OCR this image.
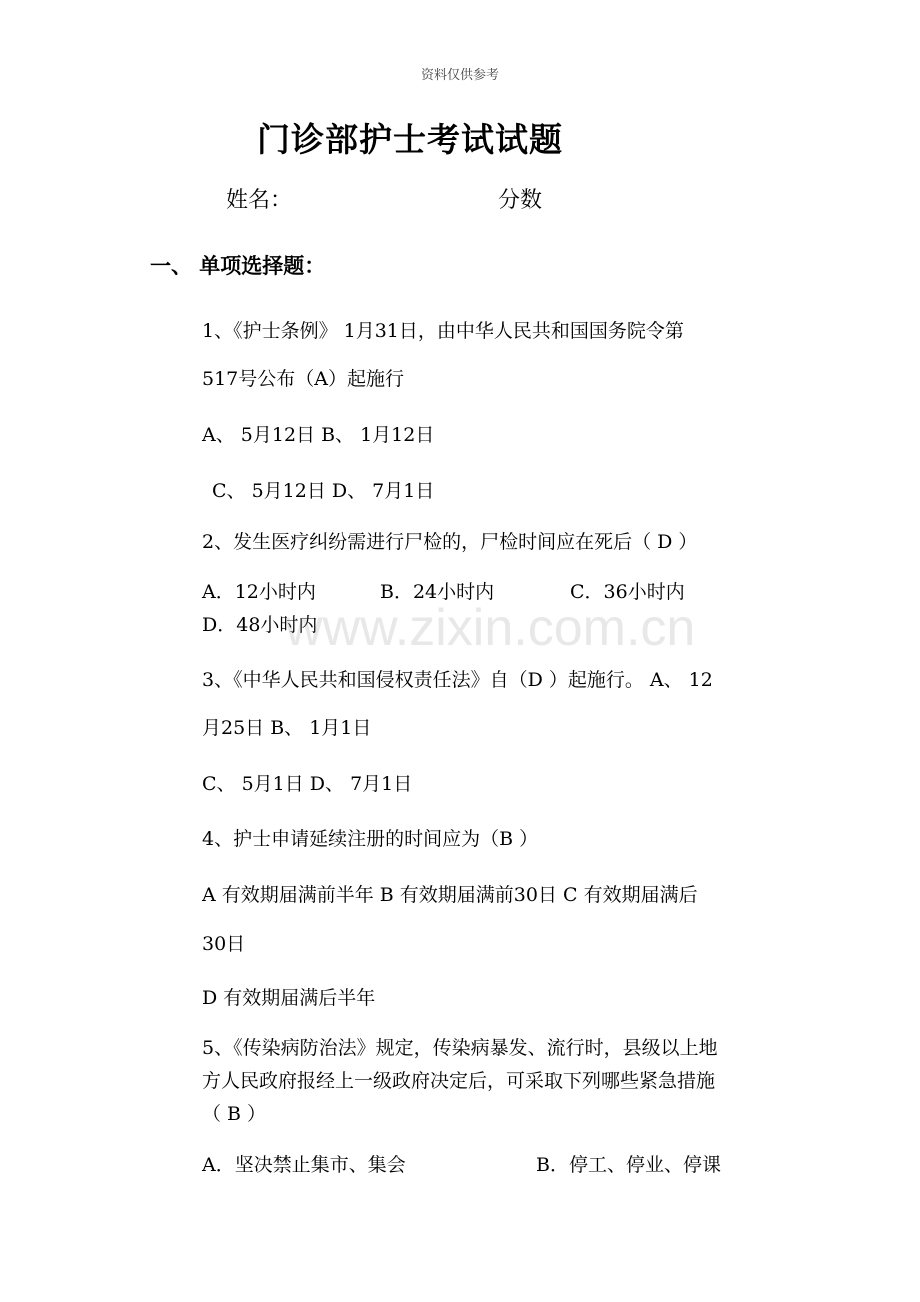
资料仅供参考
门诊部护士考试试题
姓名：	分数
一、 单项选择题：
1、《护士条例》 1月31日，由中华人民共和国国务院令第
517号公布（A）起施行
A、 5月12日 B、 1月12日
C、 5月12日 D、 7月1日
2、发生医疗纠纷需进行尸检的，尸检时间应在死后（ D ）
A．12小时内	B．24小时内	C．36小时内
D．48小时内
3、《中华人民共和国侵权责任法》自（D ）起施行。 A、 12
月25日 B、 1月1日
C、 5月1日 D、 7月1日
4、护士申请延续注册的时间应为（B ）
A 有效期届满前半年 B 有效期届满前30日 C 有效期届满后
30日
D 有效期届满后半年
5、《传染病防治法》规定，传染病暴发、流行时，县级以上地
方人民政府报经上一级政府决定后，可采取下列哪些紧急措施
（ B ）
A．坚决禁止集市、集会	B．停工、停业、停课
www.zixin.com.cn
